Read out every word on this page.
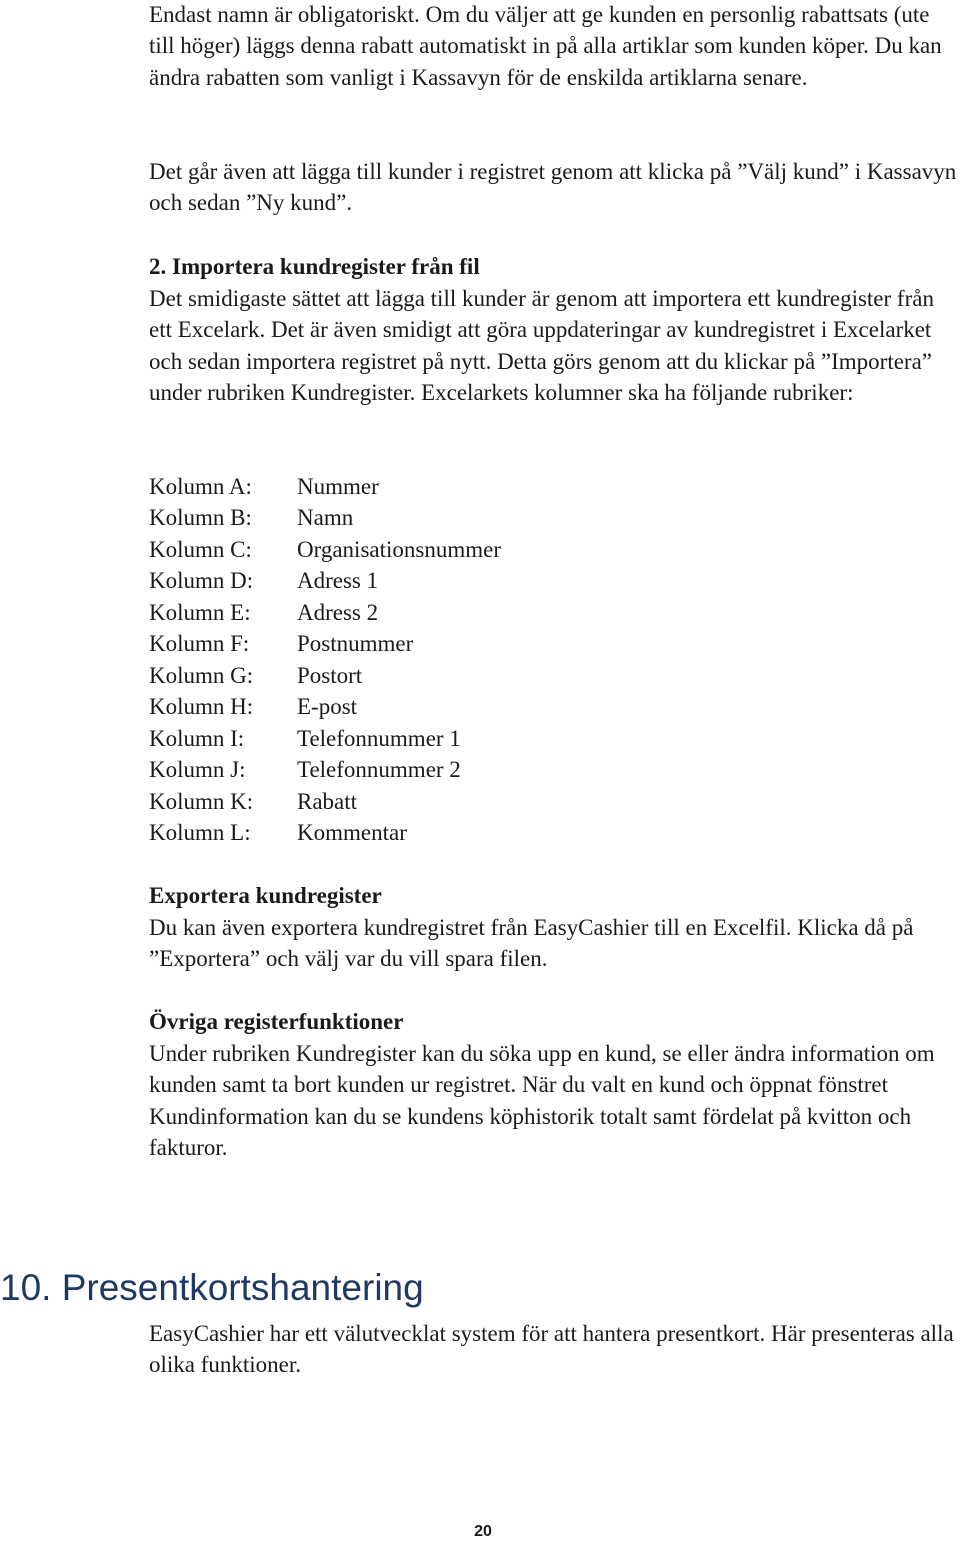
Endast namn är obligatoriskt. Om du väljer att ge kunden en personlig rabattsats (ute till höger) läggs denna rabatt automatiskt in på alla artiklar som kunden köper. Du kan ändra rabatten som vanligt i Kassavyn för de enskilda artiklarna senare.

Det går även att lägga till kunder i registret genom att klicka på ”Välj kund” i Kassavyn och sedan ”Ny kund”.

2. Importera kundregister från fil

Det smidigaste sättet att lägga till kunder är genom att importera ett kundregister från ett Excelark. Det är även smidigt att göra uppdateringar av kundregistret i Excelarket och sedan importera registret på nytt. Detta görs genom att du klickar på ”Importera” under rubriken Kundregister. Excelarkets kolumner ska ha följande rubriker:

Kolumn A: Nummer
Kolumn B: Namn
Kolumn C: Organisationsnummer
Kolumn D: Adress 1
Kolumn E: Adress 2
Kolumn F: Postnummer
Kolumn G: Postort
Kolumn H: E-post
Kolumn I: Telefonnummer 1
Kolumn J: Telefonnummer 2
Kolumn K: Rabatt
Kolumn L: Kommentar

Exportera kundregister

Du kan även exportera kundregistret från EasyCashier till en Excelfil. Klicka då på ”Exportera” och välj var du vill spara filen.

Övriga registerfunktioner

Under rubriken Kundregister kan du söka upp en kund, se eller ändra information om kunden samt ta bort kunden ur registret. När du valt en kund och öppnat fönstret Kundinformation kan du se kundens köphistorik totalt samt fördelat på kvitton och fakturor.

10. Presentkortshantering

EasyCashier har ett välutvecklat system för att hantera presentkort. Här presenteras alla olika funktioner.

20
